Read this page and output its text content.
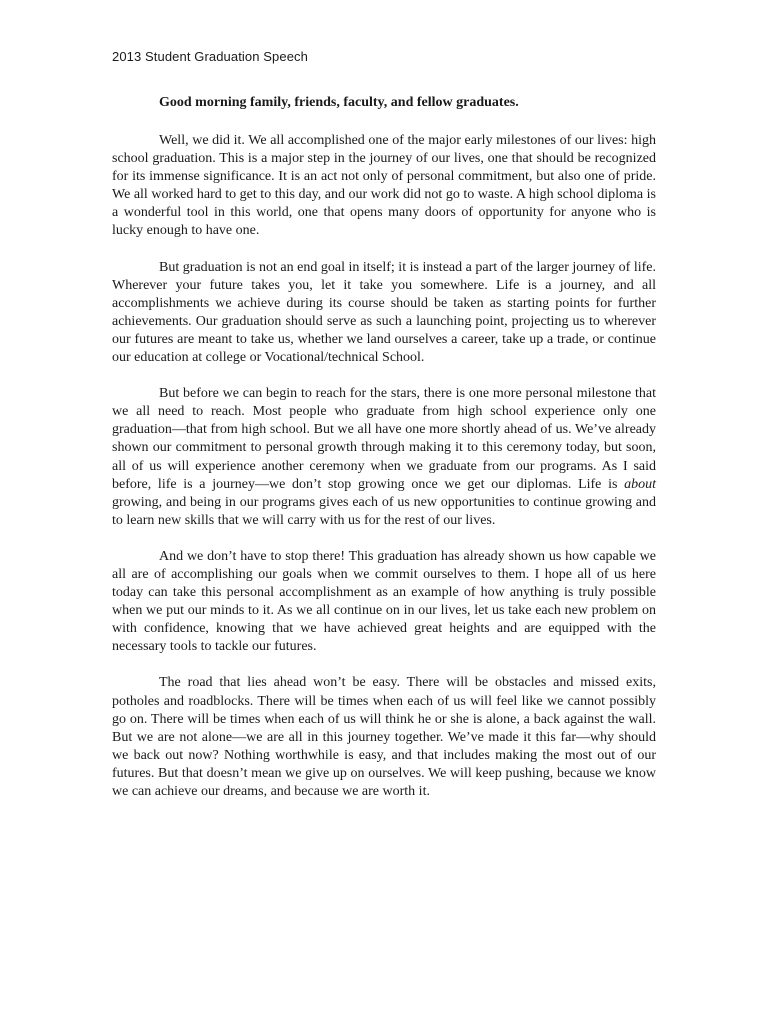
2013 Student Graduation Speech

Good morning family, friends, faculty, and fellow graduates.

Well, we did it. We all accomplished one of the major early milestones of our lives: high school graduation. This is a major step in the journey of our lives, one that should be recognized for its immense significance. It is an act not only of personal commitment, but also one of pride. We all worked hard to get to this day, and our work did not go to waste. A high school diploma is a wonderful tool in this world, one that opens many doors of opportunity for anyone who is lucky enough to have one.

But graduation is not an end goal in itself; it is instead a part of the larger journey of life. Wherever your future takes you, let it take you somewhere. Life is a journey, and all accomplishments we achieve during its course should be taken as starting points for further achievements. Our graduation should serve as such a launching point, projecting us to wherever our futures are meant to take us, whether we land ourselves a career, take up a trade, or continue our education at college or Vocational/technical School.

But before we can begin to reach for the stars, there is one more personal milestone that we all need to reach. Most people who graduate from high school experience only one graduation—that from high school. But we all have one more shortly ahead of us. We’ve already shown our commitment to personal growth through making it to this ceremony today, but soon, all of us will experience another ceremony when we graduate from our programs. As I said before, life is a journey—we don’t stop growing once we get our diplomas. Life is about growing, and being in our programs gives each of us new opportunities to continue growing and to learn new skills that we will carry with us for the rest of our lives.

And we don’t have to stop there! This graduation has already shown us how capable we all are of accomplishing our goals when we commit ourselves to them. I hope all of us here today can take this personal accomplishment as an example of how anything is truly possible when we put our minds to it. As we all continue on in our lives, let us take each new problem on with confidence, knowing that we have achieved great heights and are equipped with the necessary tools to tackle our futures.

The road that lies ahead won’t be easy. There will be obstacles and missed exits, potholes and roadblocks. There will be times when each of us will feel like we cannot possibly go on. There will be times when each of us will think he or she is alone, a back against the wall. But we are not alone—we are all in this journey together. We’ve made it this far—why should we back out now? Nothing worthwhile is easy, and that includes making the most out of our futures. But that doesn’t mean we give up on ourselves. We will keep pushing, because we know we can achieve our dreams, and because we are worth it.
